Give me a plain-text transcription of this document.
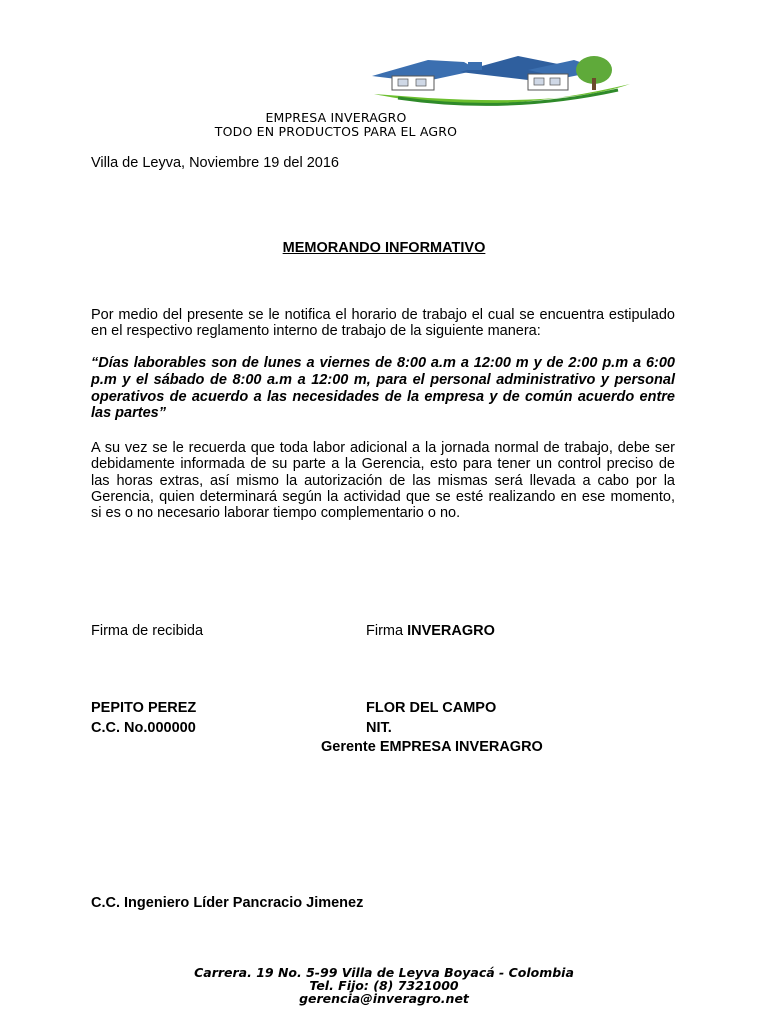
EMPRESA INVERAGRO
TODO EN PRODUCTOS PARA EL AGRO
Villa de Leyva, Noviembre 19 del 2016
MEMORANDO INFORMATIVO
Por medio del presente se le notifica el horario de trabajo el cual se encuentra estipulado en el respectivo reglamento interno de trabajo de la siguiente manera:
“Días laborables son de lunes a viernes de 8:00 a.m a 12:00 m y de 2:00 p.m a 6:00 p.m y el sábado de 8:00 a.m a 12:00 m, para el personal administrativo y personal operativos de acuerdo a las necesidades de la empresa y de común acuerdo entre las partes”
A su vez se le recuerda que toda labor adicional a la jornada normal de trabajo, debe ser debidamente informada de su parte a la Gerencia, esto para tener un control preciso de las horas extras, así mismo la autorización de las mismas será llevada a cabo por la Gerencia, quien determinará según la actividad que se esté realizando en ese momento, si es o no necesario laborar tiempo complementario o no.
Firma de recibida	Firma INVERAGRO
PEPITO PEREZ
C.C. No.000000
FLOR DEL CAMPO
NIT.
Gerente EMPRESA INVERAGRO
C.C. Ingeniero Líder Pancracio Jimenez
Carrera. 19 No. 5-99 Villa de Leyva Boyacá - Colombia
Tel. Fijo: (8) 7321000
gerencia@inveragro.net
